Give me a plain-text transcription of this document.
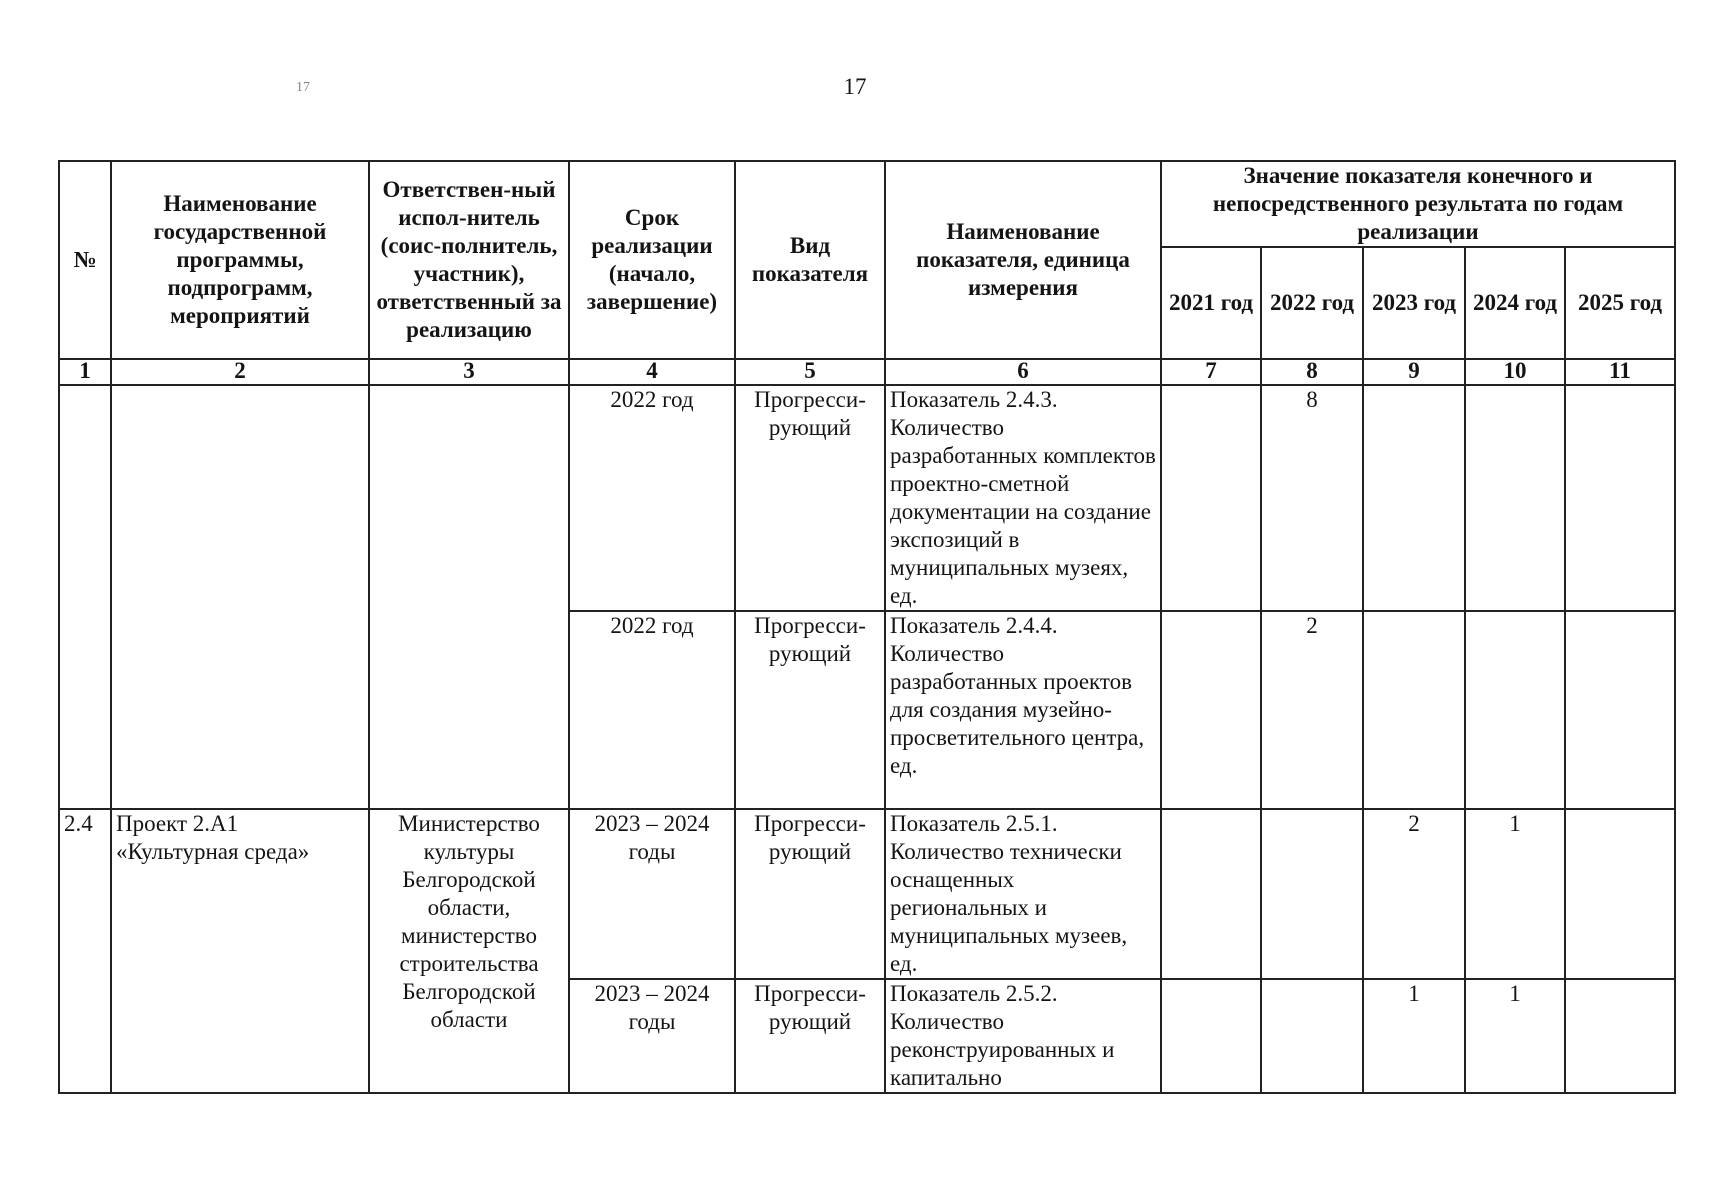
17
17
№	Наименование государственной программы, подпрограмм, мероприятий	Ответствен-ный испол-нитель (соис-полнитель, участник), ответственный за реализацию	Срок реализации (начало, завершение)	Вид показателя	Наименование показателя, единица измерения	Значение показателя конечного и непосредственного результата по годам реализации				
						2021 год	2022 год	2023 год	2024 год	2025 год
1	2	3	4	5	6	7	8	9	10	11
			2022 год	Прогресси-рующий	Показатель 2.4.3. Количество разработанных комплектов проектно-сметной документации на создание экспозиций в муниципальных музеях, ед.		8			
			2022 год	Прогресси-рующий	Показатель 2.4.4. Количество разработанных проектов для создания музейно-просветительного центра, ед.		2			
2.4	Проект 2.А1 «Культурная среда»	Министерство культуры Белгородской области, министерство строительства Белгородской области	2023 – 2024 годы	Прогресси-рующий	Показатель 2.5.1. Количество технически оснащенных региональных и муниципальных музеев, ед.			2	1	
			2023 – 2024 годы	Прогресси-рующий	Показатель 2.5.2. Количество реконструированных и капитально			1	1	
